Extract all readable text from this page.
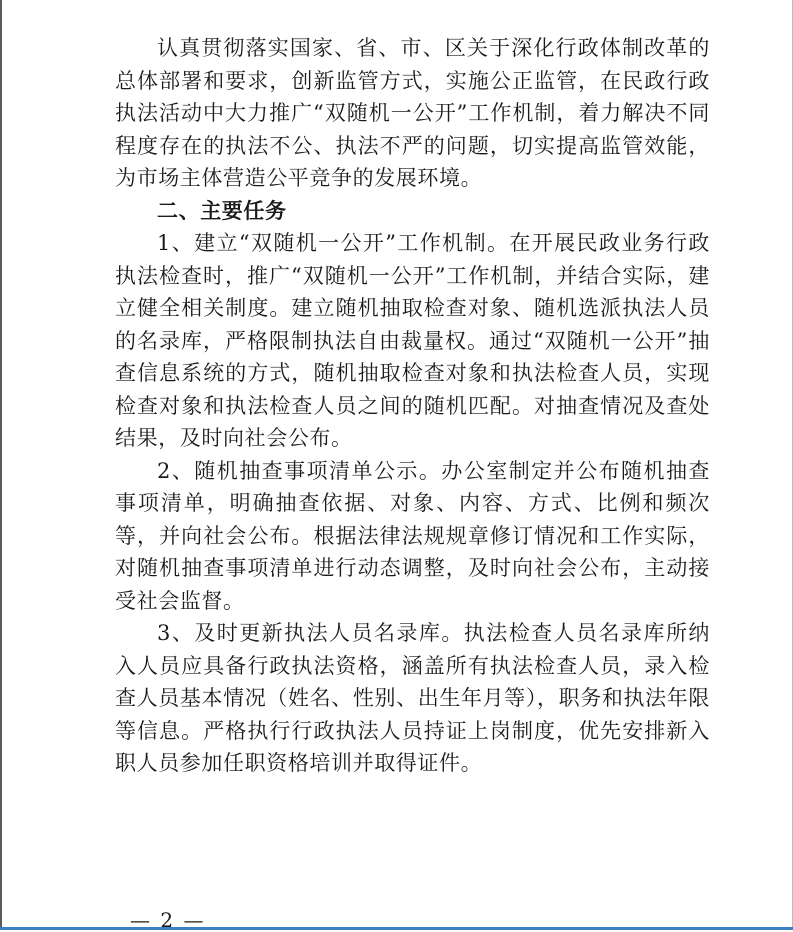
认真贯彻落实国家、省、市、区关于深化行政体制改革的总体部署和要求，创新监管方式，实施公正监管，在民政行政执法活动中大力推广“双随机一公开”工作机制，着力解决不同程度存在的执法不公、执法不严的问题，切实提高监管效能，为市场主体营造公平竞争的发展环境。

二、主要任务

1、建立“双随机一公开”工作机制。在开展民政业务行政执法检查时，推广“双随机一公开”工作机制，并结合实际，建立健全相关制度。建立随机抽取检查对象、随机选派执法人员的名录库，严格限制执法自由裁量权。通过“双随机一公开”抽查信息系统的方式，随机抽取检查对象和执法检查人员，实现检查对象和执法检查人员之间的随机匹配。对抽查情况及查处结果，及时向社会公布。

2、随机抽查事项清单公示。办公室制定并公布随机抽查事项清单，明确抽查依据、对象、内容、方式、比例和频次等，并向社会公布。根据法律法规规章修订情况和工作实际，对随机抽查事项清单进行动态调整，及时向社会公布，主动接受社会监督。

3、及时更新执法人员名录库。执法检查人员名录库所纳入人员应具备行政执法资格，涵盖所有执法检查人员，录入检查人员基本情况（姓名、性别、出生年月等），职务和执法年限等信息。严格执行行政执法人员持证上岗制度，优先安排新入职人员参加任职资格培训并取得证件。

— 2 —
